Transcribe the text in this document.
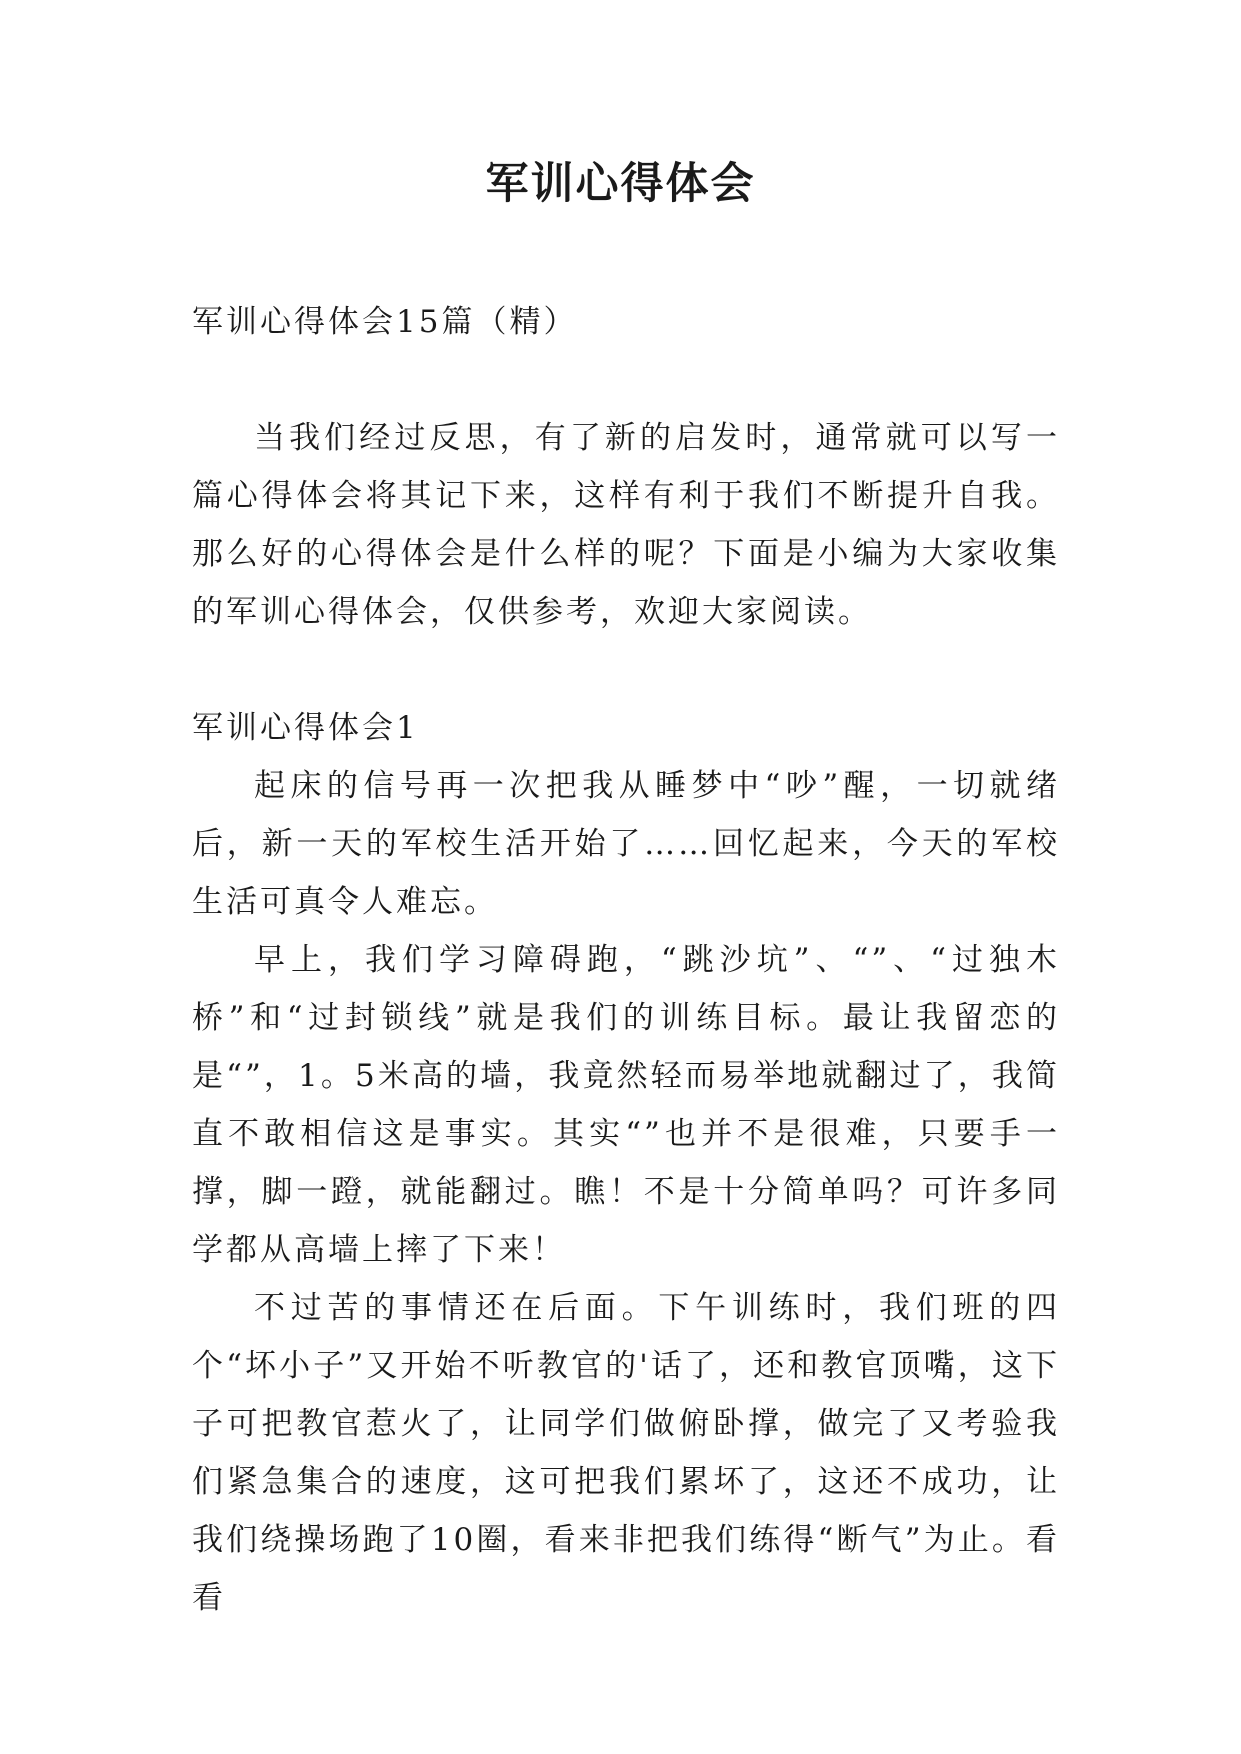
军训心得体会

军训心得体会15篇（精）

当我们经过反思，有了新的启发时，通常就可以写一篇心得体会将其记下来，这样有利于我们不断提升自我。那么好的心得体会是什么样的呢？下面是小编为大家收集的军训心得体会，仅供参考，欢迎大家阅读。

军训心得体会1

起床的信号再一次把我从睡梦中“吵”醒，一切就绪后，新一天的军校生活开始了……回忆起来，今天的军校生活可真令人难忘。

早上，我们学习障碍跑，“跳沙坑”、“”、“过独木桥”和“过封锁线”就是我们的训练目标。最让我留恋的是“”，1。5米高的墙，我竟然轻而易举地就翻过了，我简直不敢相信这是事实。其实“”也并不是很难，只要手一撑，脚一蹬，就能翻过。瞧！不是十分简单吗？可许多同学都从高墙上摔了下来！

不过苦的事情还在后面。下午训练时，我们班的四个“坏小子”又开始不听教官的'话了，还和教官顶嘴，这下子可把教官惹火了，让同学们做俯卧撑，做完了又考验我们紧急集合的速度，这可把我们累坏了，这还不成功，让我们绕操场跑了10圈，看来非把我们练得“断气”为止。看看
